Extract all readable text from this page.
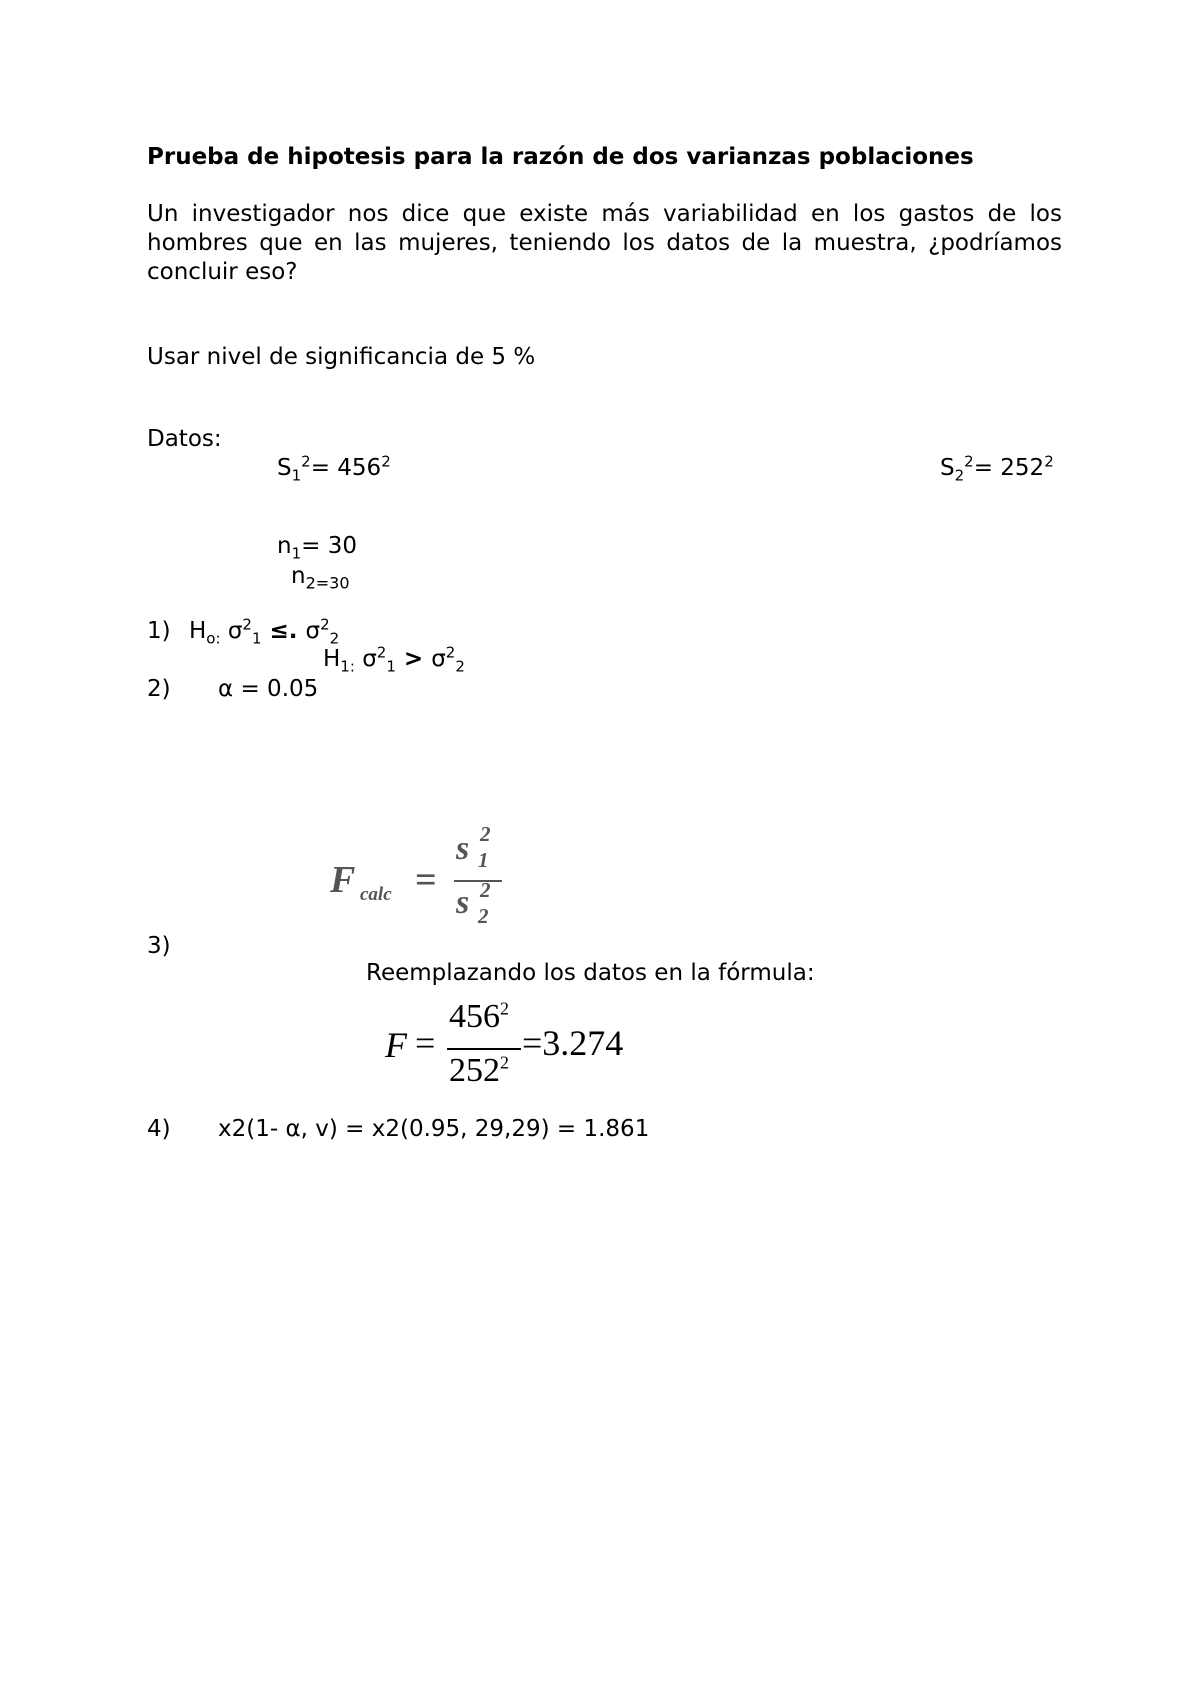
Prueba de hipotesis para la razón de dos varianzas poblaciones
Un investigador nos dice que existe más variabilidad en los gastos de los hombres que en las mujeres, teniendo los datos de la muestra, ¿podríamos concluir eso?
Usar nivel de significancia de 5 %
Datos:
$S_1^2= 456^2$	$S_2^2= 252^2$
$n_1= 30$
$n_{2=30}$
1) $H_{o:}$ $\sigma^2_1$ ≤. $\sigma^2_2$
$H_{1:}$ $\sigma^2_1 > \sigma^2_2$
2) α = 0.05
F calc =
s 2
1
s 2
2
3)
Reemplazando los datos en la fórmula:
F =
$456^2$
$252^2 =3.274$
4) x2(1- α, v) = x2(0.95, 29,29) = 1.861
